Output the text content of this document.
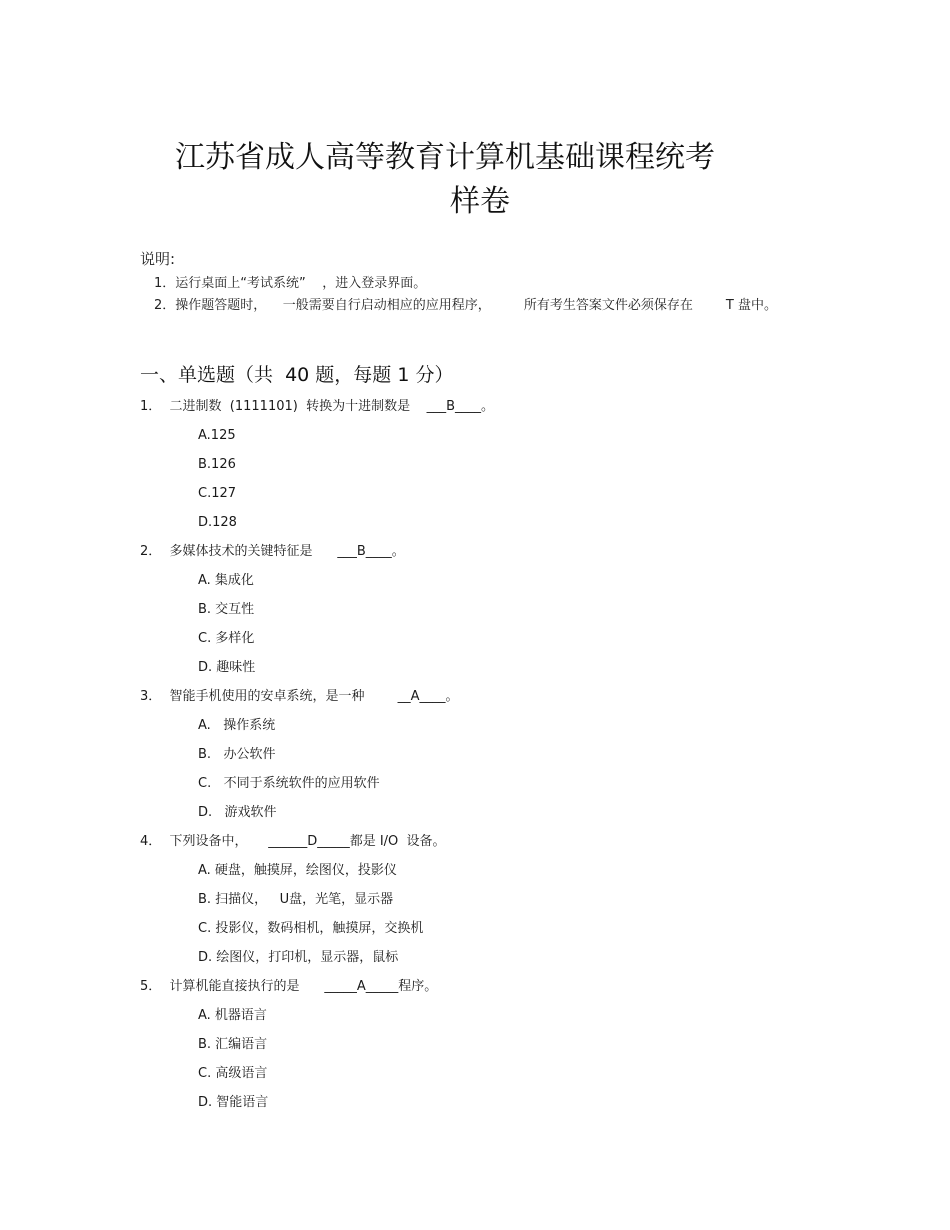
江苏省成人高等教育计算机基础课程统考
样卷
说明:
1．运行桌面上“考试系统”    ，进入登录界面。
2．操作题答题时，    一般需要自行启动相应的应用程序，        所有考生答案文件必须保存在        T 盘中。
一、单选题（共  40 题，每题 1 分）
1．  二进制数  (1111101)  转换为十进制数是    ___B____。
A.125
B.126
C.127
D.128
2．  多媒体技术的关键特征是      ___B____。
A. 集成化
B. 交互性
C. 多样化
D. 趣味性
3．  智能手机使用的安卓系统，是一种        __A____。
A.   操作系统
B.   办公软件
C.   不同于系统软件的应用软件
D.   游戏软件
4．  下列设备中，     ______D_____都是 I/O  设备。
A. 硬盘，触摸屏，绘图仪，投影仪
B. 扫描仪，   U盘，光笔，显示器
C. 投影仪，数码相机，触摸屏，交换机
D. 绘图仪，打印机，显示器，鼠标
5．  计算机能直接执行的是      _____A_____程序。
A. 机器语言
B. 汇编语言
C. 高级语言
D. 智能语言
